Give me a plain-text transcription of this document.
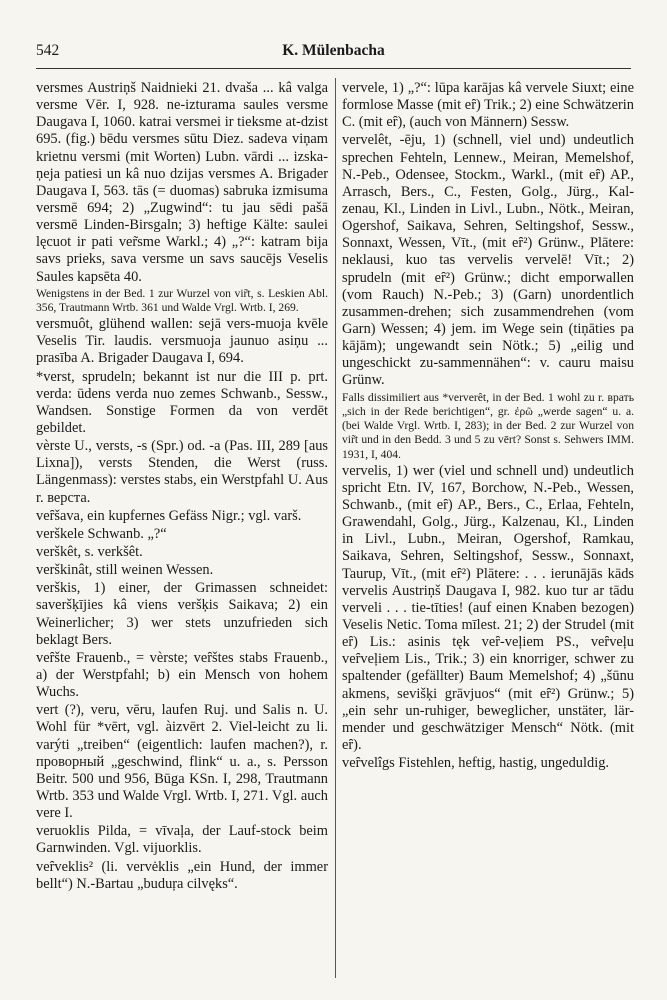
542	K. Mülenbacha

versmes Austriņš Naidnieki 21. dvaša ... kâ valga versme Vēr. I, 928. ne-izturama saules versme Daugava I, 1060. katrai versmei ir tieksme at-dzist 695. (fig.) bēdu versmes sūtu Diez. sadeva viņam krietnu versmi (mit Worten) Lubn. vārdi ... izska-ņeja patiesi un kâ nuo dzijas versmes A. Brigader Daugava I, 563. tās (= duomas) sabruka izmisuma versmē 694; 2) „Zugwind“: tu jau sēdi pašā versmē Linden-Birsgaln; 3) heftige Kälte: saulei lęcuot ir pati ver̃sme Warkl.; 4) „?“: katram bija savs prieks, sava versme un savs saucējs Veselis Saules kapsēta 40.

Wenigstens in der Bed. 1 zur Wurzel von vir̃t, s. Leskien Abl. 356, Trautmann Wrtb. 361 und Walde Vrgl. Wrtb. I, 269.

versmuôt, glühend wallen: sejā vers-muoja kvēle Veselis Tir. laudis. versmuoja jaunuo asiņu ... prasība A. Brigader Daugava I, 694.

*verst, sprudeln; bekannt ist nur die III p. prt. verda: ūdens verda nuo zemes Schwanb., Sessw., Wandsen. Sonstige Formen da von verdēt gebildet.

vèrste U., versts, -s (Spr.) od. -a (Pas. III, 289 [aus Lixna]), versts Stenden, die Werst (russ. Längenmass): verstes stabs, ein Werstpfahl U. Aus r. верста.

veȓšava, ein kupfernes Gefäss Nigr.; vgl. varš.

verškele Schwanb. „?“

verškêt, s. verkšêt.

verškinât, still weinen Wessen.

verškis, 1) einer, der Grimassen schneidet: saveršķījies kâ viens veršķis Saikava; 2) ein Weinerlicher; 3) wer stets unzufrieden sich beklagt Bers.

veȓšte Frauenb., = vèrste; veȓštes stabs Frauenb., a) der Werstpfahl; b) ein Mensch von hohem Wuchs.

vert (?), veru, vēru, laufen Ruj. und Salis n. U. Wohl für *vērt, vgl. àizvērt 2. Viel-leicht zu li. varýti „treiben“ (eigentlich: laufen machen?), r. проворный „geschwind, flink“ u. a., s. Persson Beitr. 500 und 956, Būga KSn. I, 298, Trautmann Wrtb. 353 und Walde Vrgl. Wrtb. I, 271. Vgl. auch vere I.

veruoklis Pilda, = vīvaļa, der Lauf-stock beim Garnwinden. Vgl. vijuorklis.

veȓveklis² (li. vervėklis „ein Hund, der immer bellt“) N.-Bartau „buduŗa cilvęks“.

vervele, 1) „?“: lūpa karājas kâ vervele Siuxt; eine formlose Masse (mit eȓ) Trik.; 2) eine Schwätzerin C. (mit eȓ), (auch von Männern) Sessw.

vervelêt, -ēju, 1) (schnell, viel und) undeutlich sprechen Fehteln, Lennew., Meiran, Memelshof, N.-Peb., Odensee, Stockm., Warkl., (mit eȓ) AP., Arrasch, Bers., C., Festen, Golg., Jürg., Kal-zenau, Kl., Linden in Livl., Lubn., Nötk., Meiran, Ogershof, Saikava, Sehren, Seltingshof, Sessw., Sonnaxt, Wessen, Vīt., (mit eȓ²) Grünw., Plātere: neklausi, kuo tas vervelis vervelē! Vīt.; 2) sprudeln (mit eȓ²) Grünw.; dicht emporwallen (vom Rauch) N.-Peb.; 3) (Garn) unordentlich zusammen-drehen; sich zusammendrehen (vom Garn) Wessen; 4) jem. im Wege sein (tiņāties pa kājām); ungewandt sein Nötk.; 5) „eilig und ungeschickt zu-sammennähen“: v. cauru maisu Grünw.

Falls dissimiliert aus *ververêt, in der Bed. 1 wohl zu r. врать „sich in der Rede berichtigen“, gr. ἐρῶ „werde sagen“ u. a. (bei Walde Vrgl. Wrtb. I, 283); in der Bed. 2 zur Wurzel von vir̃t und in den Bedd. 3 und 5 zu vērt? Sonst s. Sehwers IMM. 1931, I, 404.

vervelis, 1) wer (viel und schnell und) undeutlich spricht Etn. IV, 167, Borchow, N.-Peb., Wessen, Schwanb., (mit eȓ) AP., Bers., C., Erlaa, Fehteln, Grawendahl, Golg., Jürg., Kalzenau, Kl., Linden in Livl., Lubn., Meiran, Ogershof, Ramkau, Saikava, Sehren, Seltingshof, Sessw., Sonnaxt, Taurup, Vīt., (mit eȓ²) Plātere: . . . ierunājās kāds vervelis Austriņš Daugava I, 982. kuo tur ar tādu verveli . . . tie-tīties! (auf einen Knaben bezogen) Veselis Netic. Toma mīlest. 21; 2) der Strudel (mit eȓ) Lis.: asinis tęk veȓ-veļiem PS., veȓveļu veȓveļiem Lis., Trik.; 3) ein knorriger, schwer zu spaltender (gefällter) Baum Memelshof; 4) „šūnu akmens, sevišķi grāvjuos“ (mit eȓ²) Grünw.; 5) „ein sehr un-ruhiger, beweglicher, unstäter, lär-mender und geschwätziger Mensch“ Nötk. (mit eȓ).

veȓvelîgs Fistehlen, heftig, hastig, ungeduldig.
